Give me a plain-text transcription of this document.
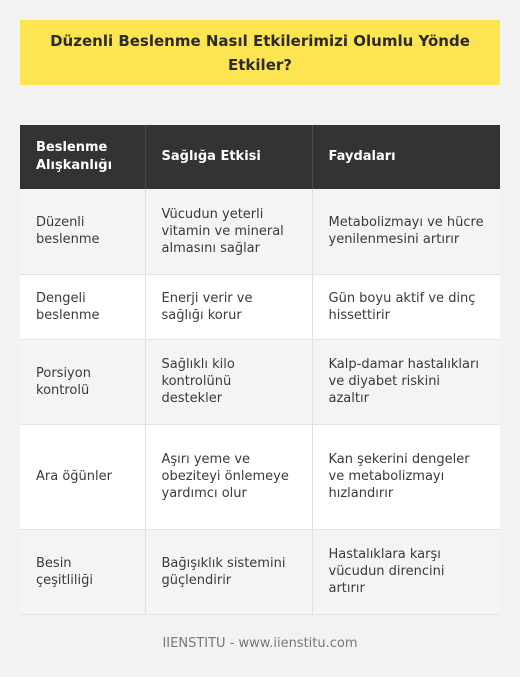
Düzenli Beslenme Nasıl Etkilerimizi Olumlu Yönde Etkiler?
Beslenme Alışkanlığı	Sağlığa Etkisi	Faydaları
Düzenli beslenme	Vücudun yeterli vitamin ve mineral almasını sağlar	Metabolizmayı ve hücre yenilenmesini artırır
Dengeli beslenme	Enerji verir ve sağlığı korur	Gün boyu aktif ve dinç hissettirir
Porsiyon kontrolü	Sağlıklı kilo kontrolünü destekler	Kalp-damar hastalıkları ve diyabet riskini azaltır
Ara öğünler	Aşırı yeme ve obeziteyi önlemeye yardımcı olur	Kan şekerini dengeler ve metabolizmayı hızlandırır
Besin çeşitliliği	Bağışıklık sistemini güçlendirir	Hastalıklara karşı vücudun direncini artırır
IIENSTITU - www.iienstitu.com
